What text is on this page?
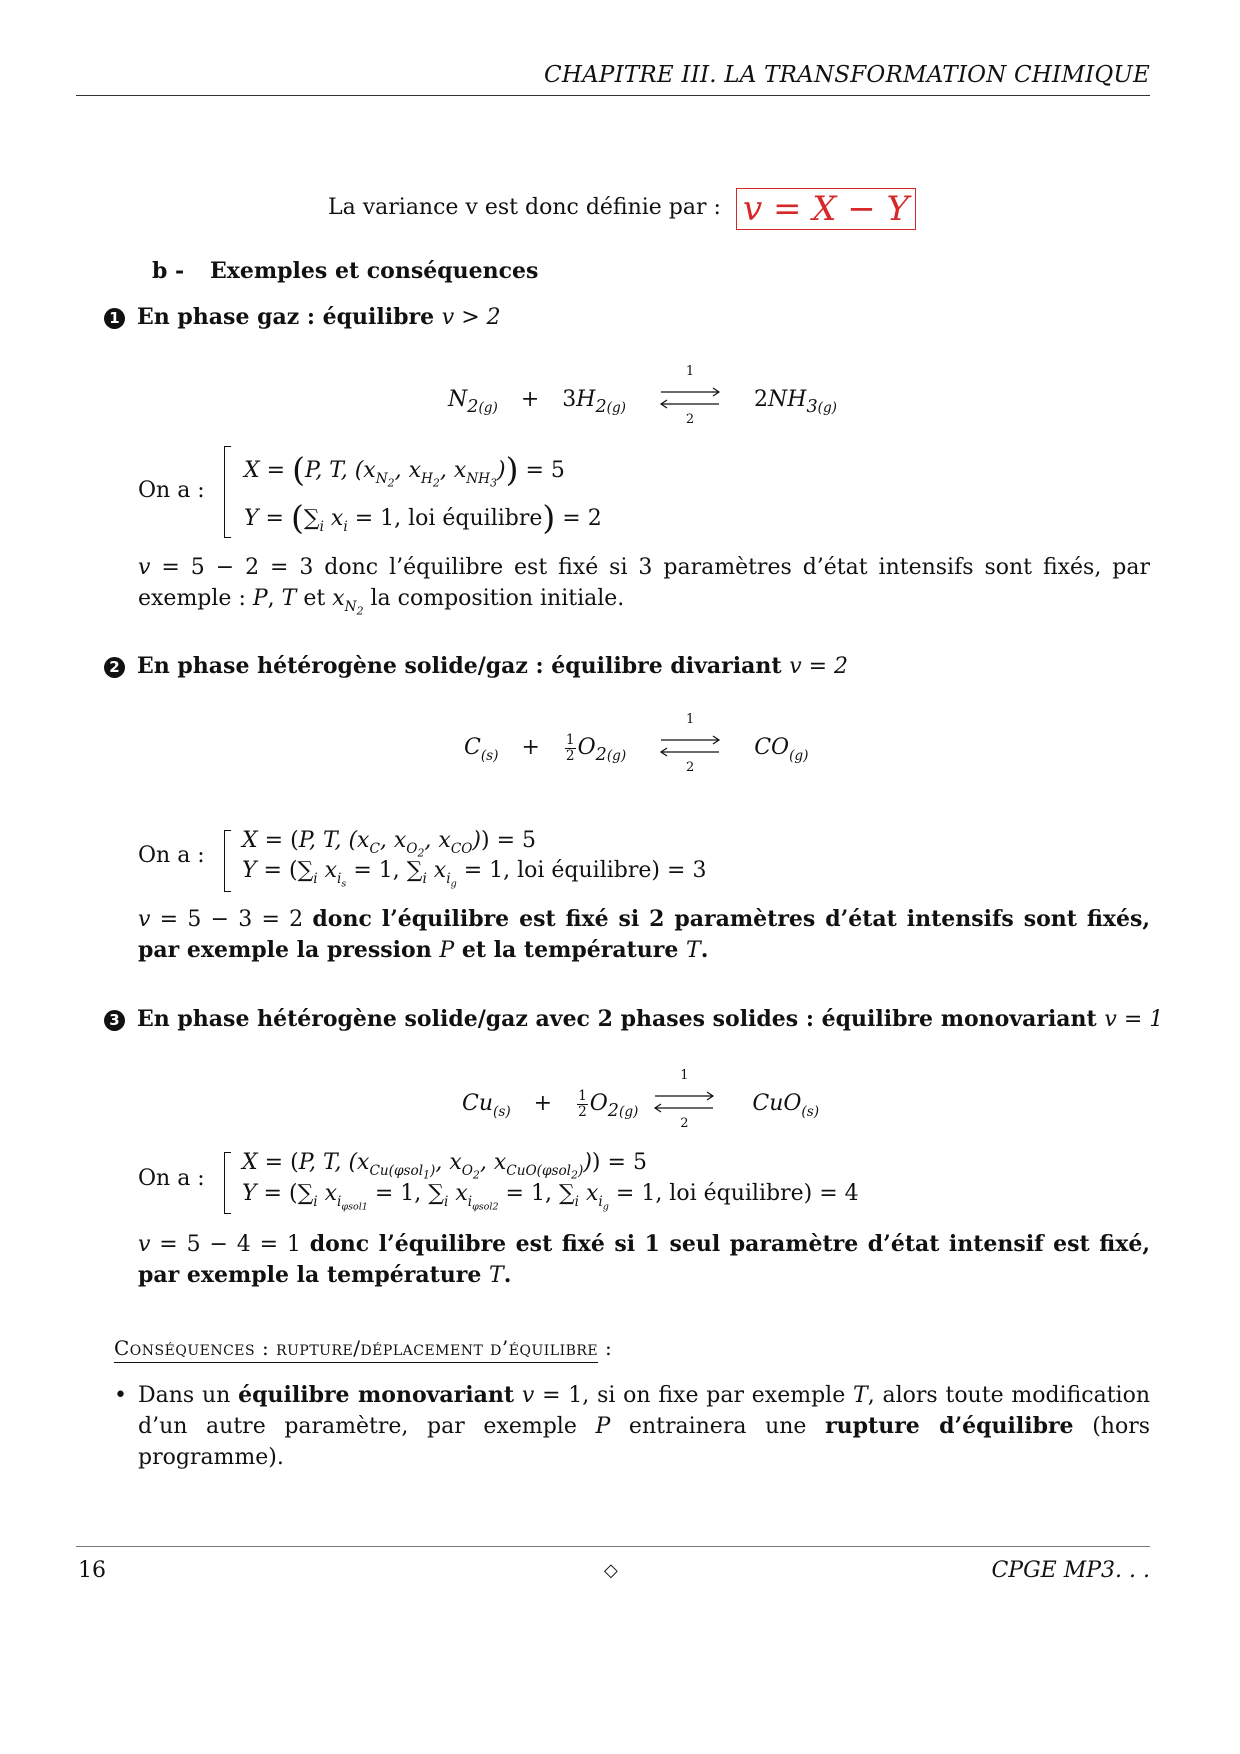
CHAPITRE III. LA TRANSFORMATION CHIMIQUE
La variance v est donc définie par : v = X − Y
b - Exemples et conséquences
1 En phase gaz : équilibre v > 2
$N_{2(g)} + 3H_{2(g)}$
1
2
$2NH_{3(g)}$
On a :
X = (P, T, ($x_{N_2}$, $x_{H_2}$, $x_{NH_3})) = 5$
$Y = (\sum_i$ $x_i = 1$, loi équilibre) = 2
v = 5 − 2 = 3 donc l’équilibre est fixé si 3 paramètres d’état intensifs sont fixés, par exemple : P, T et $x_{N_2}$ la composition initiale.
2 En phase hétérogène solide/gaz : équilibre divariant v = 2
$C_{(s)} + \frac{1}{2} O_{2(g)}$
1
2
$CO_{(g)}$
On a :
X = (P, T, ($x_C$, $x_{O_2}$, $x_{CO})) = 5$
$Y = (\sum_i$ $x_{i_s} = 1$, $\sum_i$ $x_{i_g} = 1$, loi équilibre) = 3
v = 5 − 3 = 2 donc l’équilibre est fixé si 2 paramètres d’état intensifs sont fixés, par exemple la pression P et la température T.
3 En phase hétérogène solide/gaz avec 2 phases solides : équilibre monovariant v = 1
$Cu_{(s)} + \frac{1}{2} O_{2(g)}$
1
2
CuO$_{(s)}$
On a :
X = (P, T, ($x_{Cu(\varphi sol_1)}$, $x_{O_2}$, $x_{CuO(\varphi sol_2)})) = 5$
$Y = (\sum_i$ $x_{i_{\varphi sol1}} = 1$, $\sum_i$ $x_{i_{\varphi sol2}} = 1$, $\sum_i$ $x_{i_g} = 1$, loi équilibre) = 4
v = 5 − 4 = 1 donc l’équilibre est fixé si 1 seul paramètre d’état intensif est fixé, par exemple la température T.
Conséquences : rupture/déplacement d’équilibre :
• Dans un équilibre monovariant v = 1, si on fixe par exemple T, alors toute modification d’un autre paramètre, par exemple P entrainera une rupture d’équilibre (hors programme).
16	◇	CPGE MP3. . .
